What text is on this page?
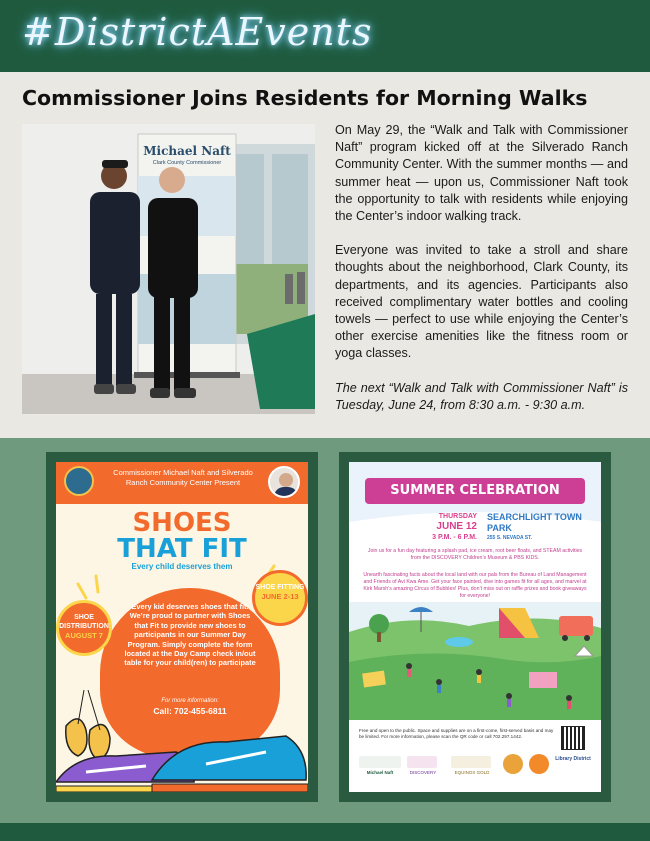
#DistrictAEvents
Commissioner Joins Residents for Morning Walks
Michael Naft
Clark County Commissioner

On May 29, the “Walk and Talk with Commissioner Naft” program kicked off at the Silverado Ranch Community Center. With the summer months — and summer heat — upon us, Commissioner Naft took the opportunity to talk with residents while enjoying the Center’s indoor walking track.

Everyone was invited to take a stroll and share thoughts about the neighborhood, Clark County, its departments, and its agencies. Participants also received complimentary water bottles and cooling towels — perfect to use while enjoying the Center’s other exercise amenities like the fitness room or yoga classes.

The next “Walk and Talk with Commissioner Naft” is Tuesday, June 24, from 8:30 a.m. - 9:30 a.m.

Commissioner Michael Naft and Silverado Ranch Community Center Present
SHOES
THAT FIT
Every child deserves them
Every kid deserves shoes that fit. We’re proud to partner with Shoes that Fit to provide new shoes to participants in our Summer Day Program. Simply complete the form located at the Day Camp check in/out table for your child(ren) to participate
For more information:
Call: 702-455-6811
SHOE DISTRIBUTION
AUGUST 7
SHOE FITTING
JUNE 2-13
SUMMER CELEBRATION
THURSDAY
JUNE 12
3 P.M. - 6 P.M.
SEARCHLIGHT TOWN PARK
255 S. NEVADA ST.
Join us for a fun day featuring a splash pad, ice cream, root beer floats, and STEAM activities from the DISCOVERY Children’s Museum & PBS KIDS.
Unearth fascinating facts about the local land with our pals from the Bureau of Land Management and Friends of Avi Kwa Ame. Get your face painted, dive into games fit for all ages, and marvel at Kirk Marsh’s amazing Circus of Bubbles! Plus, don’t miss out on raffle prizes and book giveaways for everyone!
Free and open to the public. Space and supplies are on a first-come, first-served basis and may be limited. For more information, please scan the QR code or call 702.297.1442.
Michael Naft	DISCOVERY	EQUINOX GOLD
Library District
